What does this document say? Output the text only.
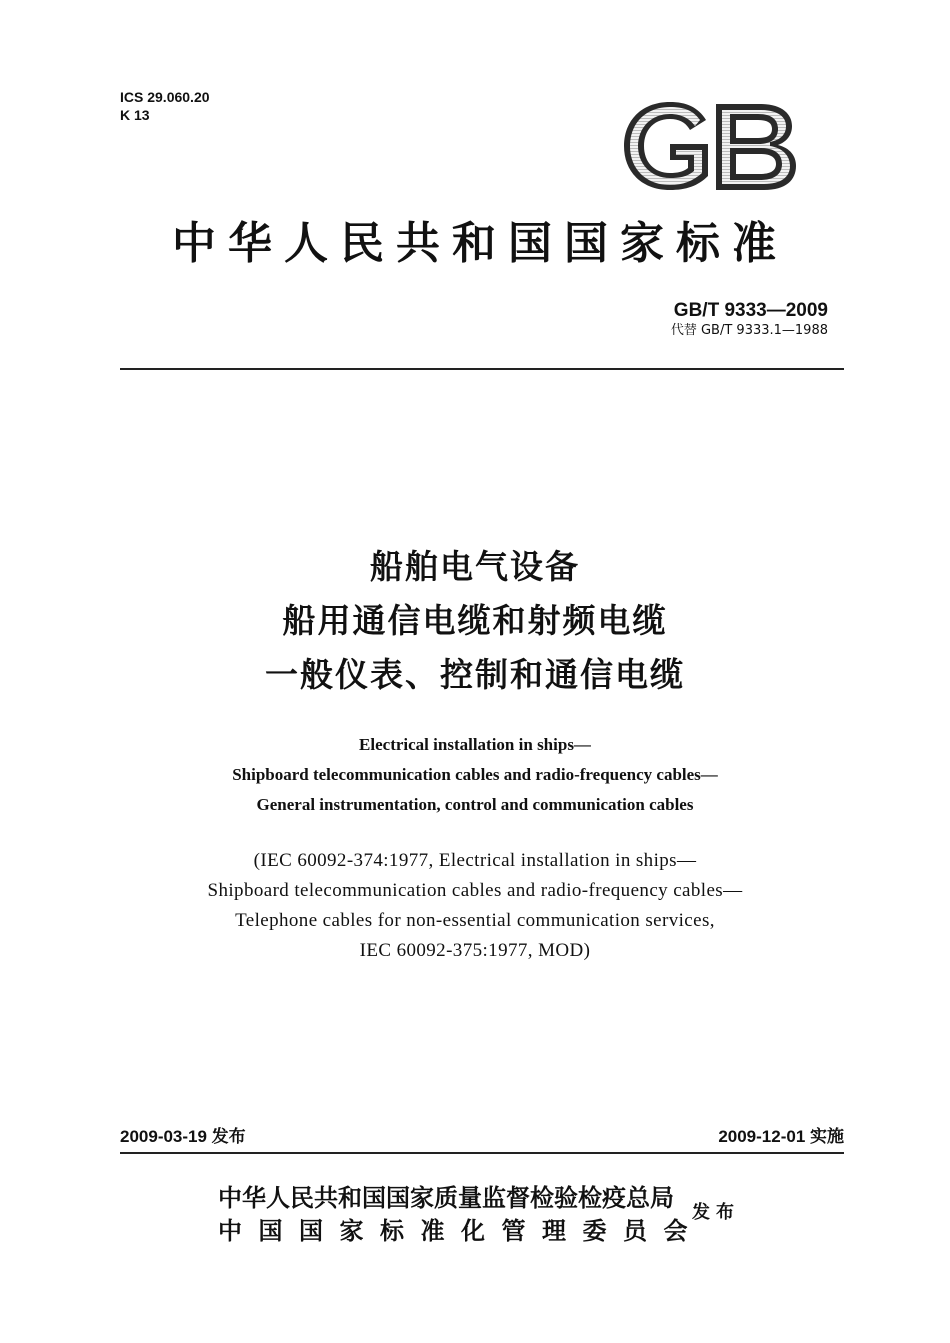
ICS 29.060.20
K 13
中华人民共和国国家标准
GB/T 9333—2009
代替 GB/T 9333.1—1988
船舶电气设备
船用通信电缆和射频电缆
一般仪表、控制和通信电缆
Electrical installation in ships—
Shipboard telecommunication cables and radio-frequency cables—
General instrumentation, control and communication cables
(IEC 60092-374:1977, Electrical installation in ships—
Shipboard telecommunication cables and radio-frequency cables—
Telephone cables for non-essential communication services,
IEC 60092-375:1977, MOD)
2009-03-19 发布	2009-12-01 实施
中华人民共和国国家质量监督检验检疫总局
中国国家标准化管理委员会
发布
